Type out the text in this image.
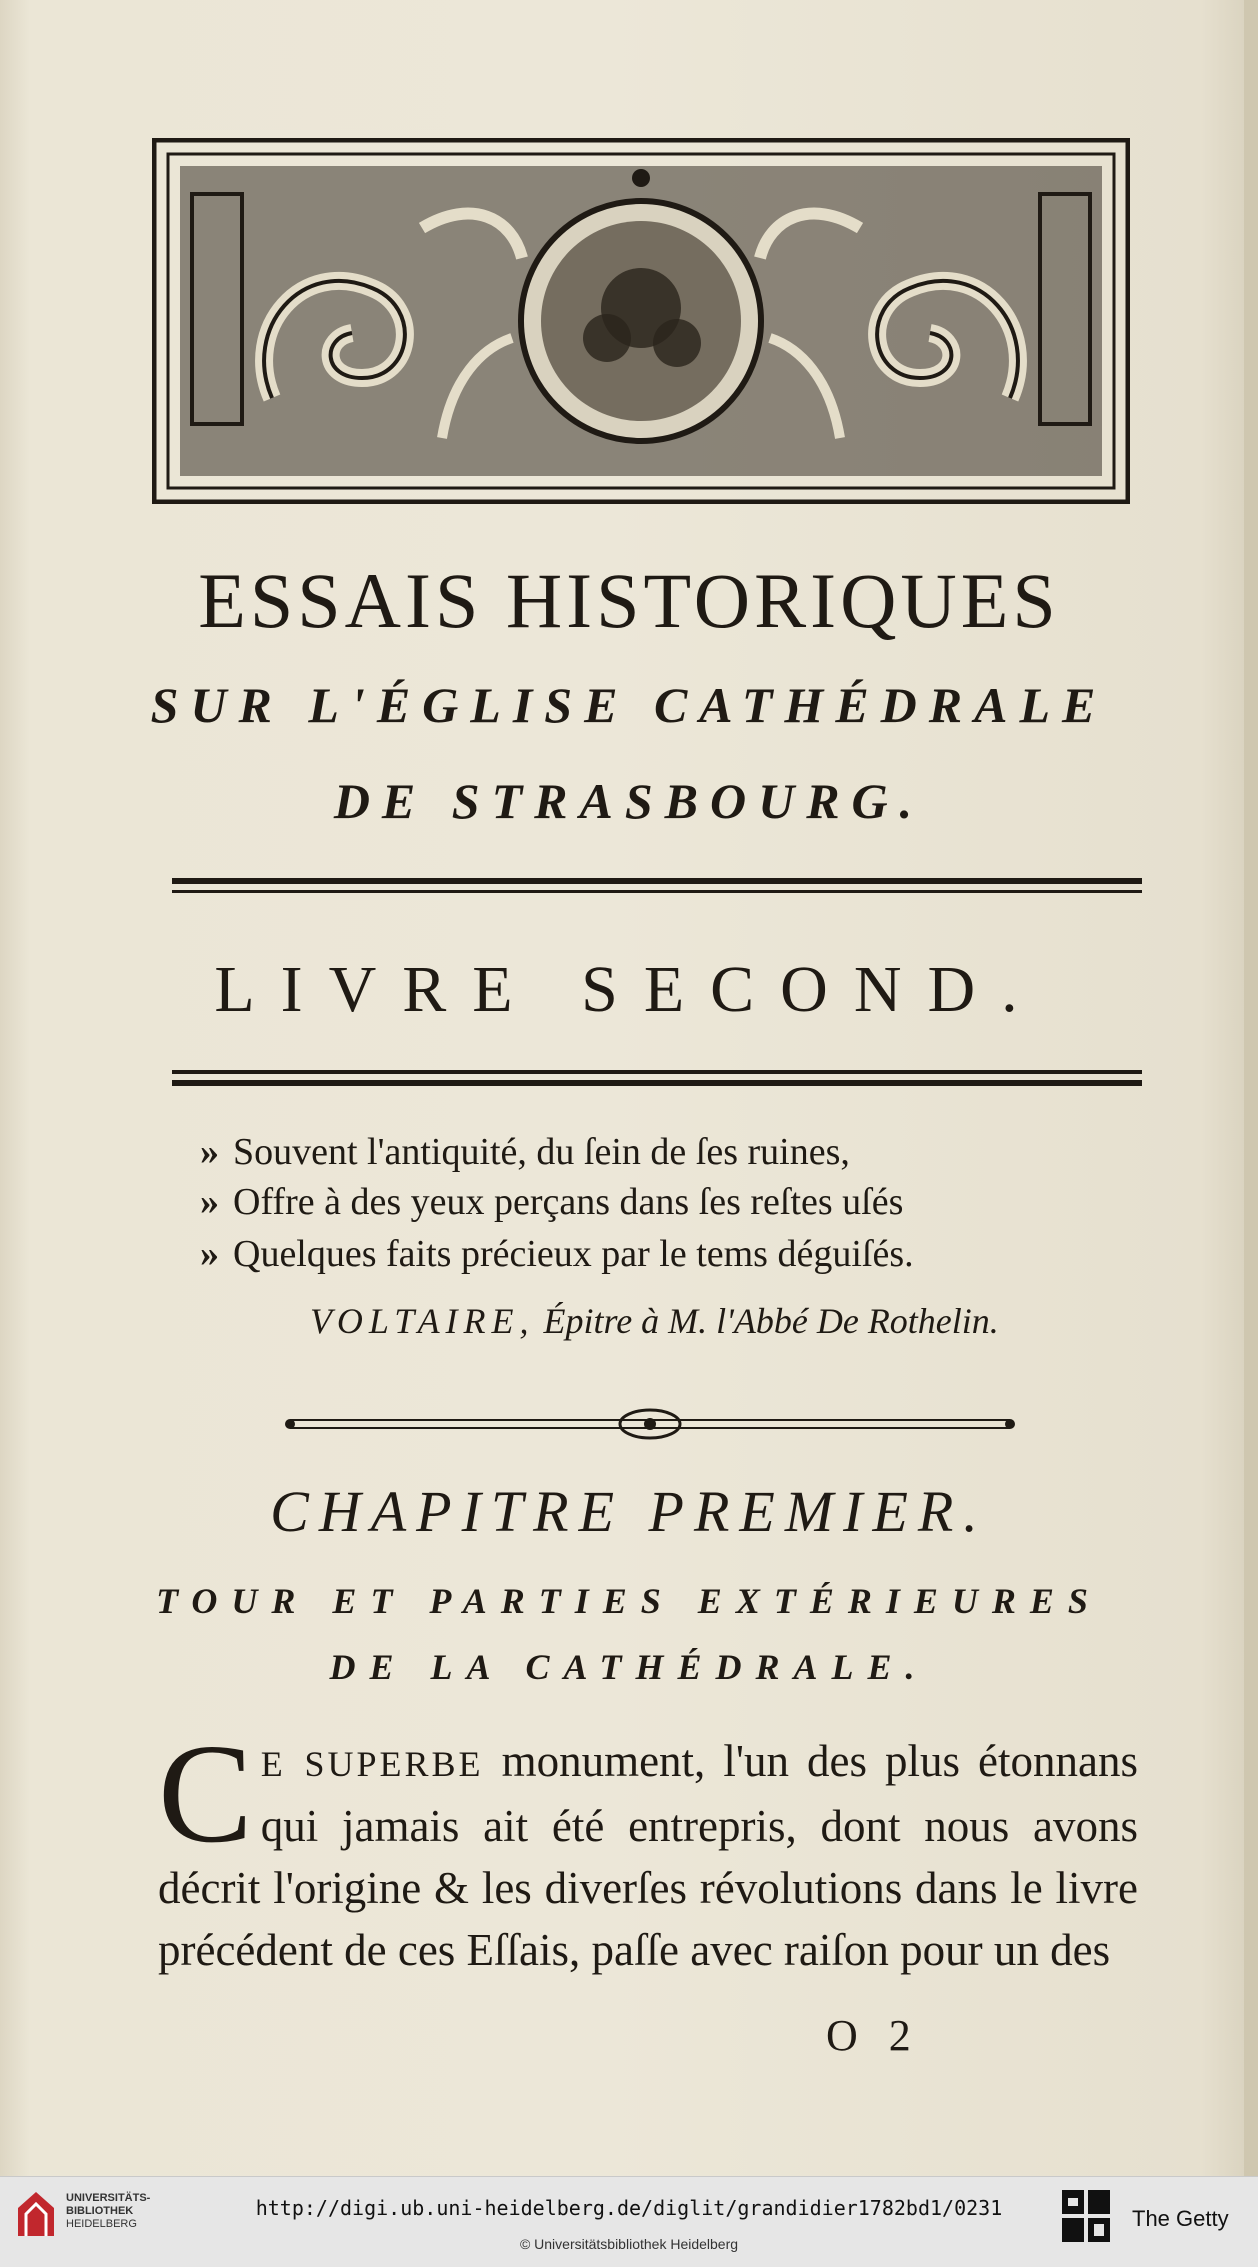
ESSAIS HISTORIQUES
SUR L'ÉGLISE CATHÉDRALE
DE STRASBOURG.
LIVRE SECOND.
» Souvent l'antiquité, du ſein de ſes ruines,
» Offre à des yeux perçans dans ſes reſtes uſés
» Quelques faits précieux par le tems déguiſés.
VOLTAIRE, Épitre à M. l'Abbé De Rothelin.
CHAPITRE PREMIER.
TOUR ET PARTIES EXTÉRIEURES
DE LA CATHÉDRALE.
C E SUPERBE monument, l'un des plus étonnans qui jamais ait été entrepris, dont nous avons décrit l'origine & les diverſes révolutions dans le livre précédent de ces Eſſais, paſſe avec raiſon pour un des
O 2
UNIVERSITÄTS-
BIBLIOTHEK
HEIDELBERG
http://digi.ub.uni-heidelberg.de/diglit/grandidier1782bd1/0231
© Universitätsbibliothek Heidelberg
The Getty
